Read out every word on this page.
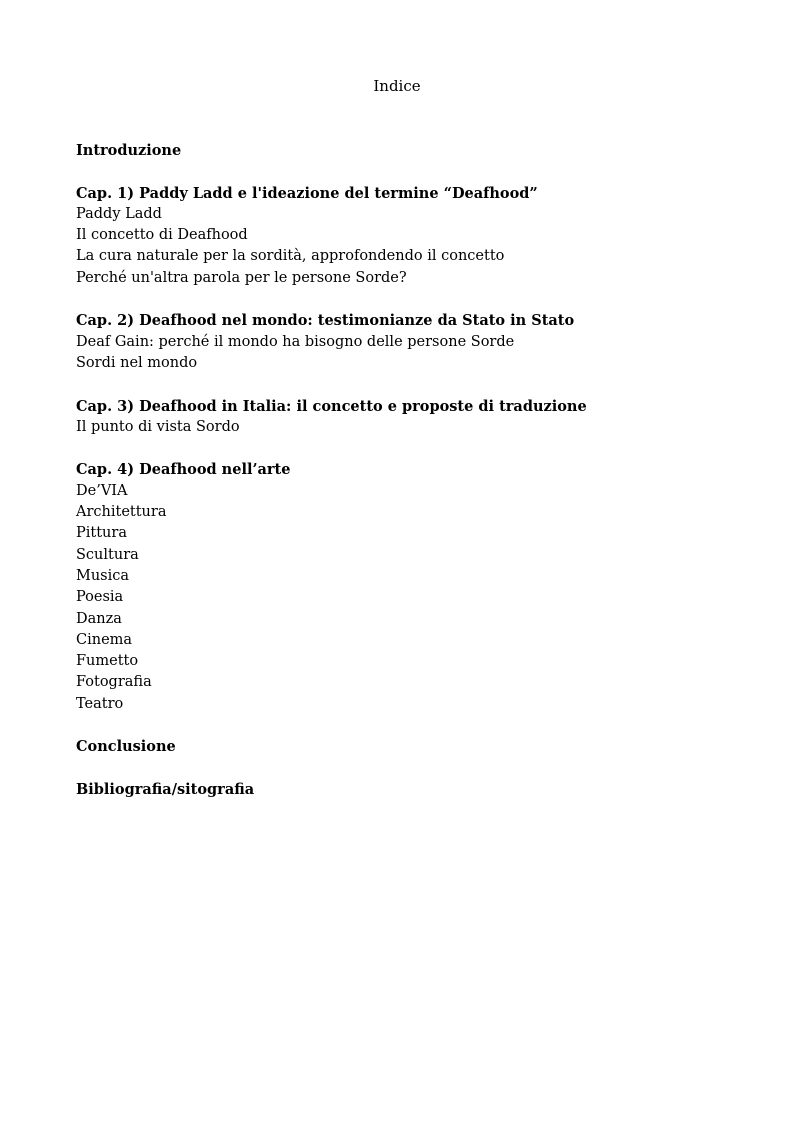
Indice

Introduzione

Cap. 1) Paddy Ladd e l'ideazione del termine “Deafhood”

Paddy Ladd

Il concetto di Deafhood

La cura naturale per la sordità, approfondendo il concetto

Perché un'altra parola per le persone Sorde?

Cap. 2) Deafhood nel mondo: testimonianze da Stato in Stato

Deaf Gain: perché il mondo ha bisogno delle persone Sorde

Sordi nel mondo

Cap. 3) Deafhood in Italia: il concetto e proposte di traduzione

Il punto di vista Sordo

Cap. 4) Deafhood nell’arte

De’VIA

Architettura

Pittura

Scultura

Musica

Poesia

Danza

Cinema

Fumetto

Fotografia

Teatro

Conclusione

Bibliografia/sitografia
